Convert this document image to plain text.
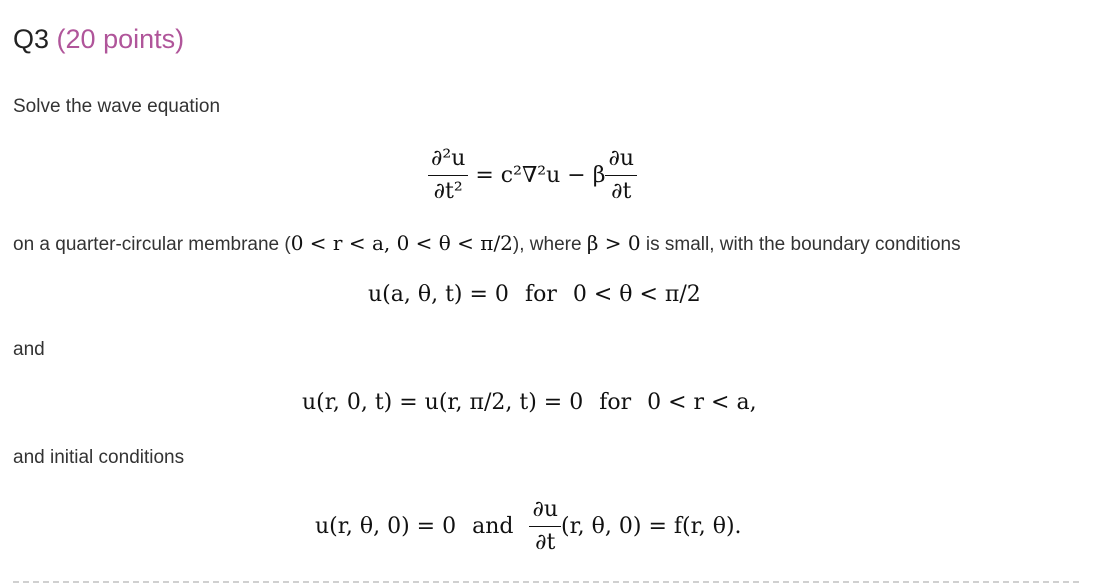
Q3 (20 points)
Solve the wave equation
$\frac{\text{∂²u}}{\text{∂t²}} = c^2\nabla^2u - \beta \frac{\partial u}{\partial t}$
on a quarter-circular membrane (0 < r < a, 0 < θ < π/2), where β > 0 is small, with the boundary conditions
u(a, θ, t) = 0 for 0 < θ < π/2
and
u(r, 0, t) = u(r, π/2, t) = 0 for 0 < r < a,
and initial conditions
u(r, θ, 0) = 0 and $\frac{\partial u}{\partial t} (r$, θ, 0) = f(r, θ).
